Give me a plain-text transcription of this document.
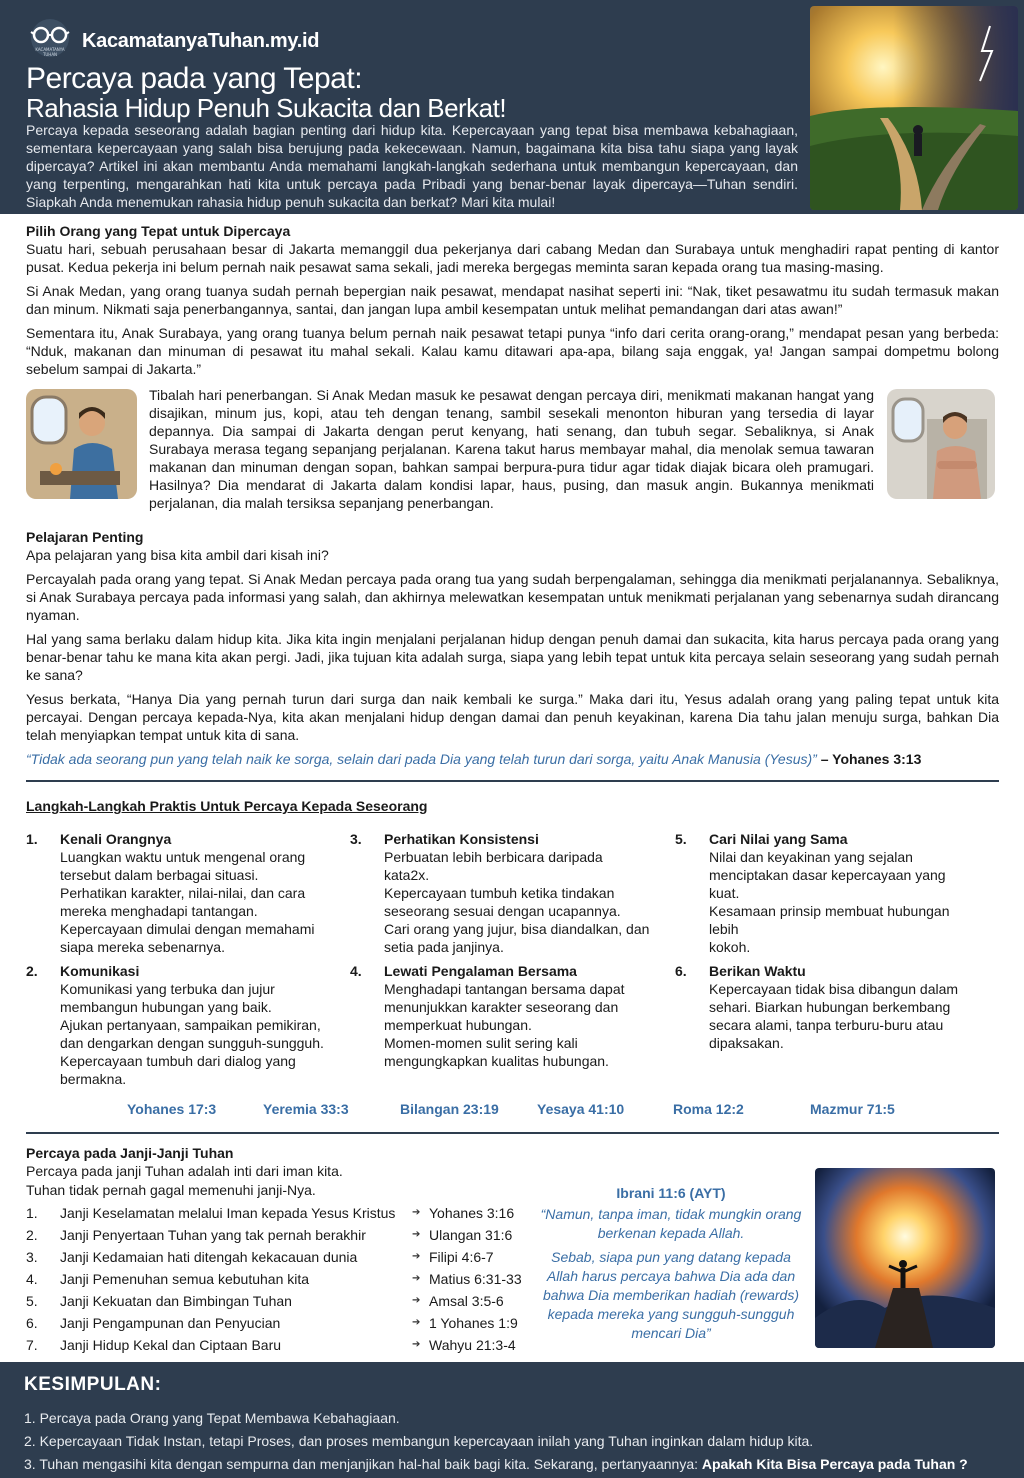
KACAMATANYA
TUHAN
KacamatanyaTuhan.my.id
Percaya pada yang Tepat:
Rahasia Hidup Penuh Sukacita dan Berkat!
Percaya kepada seseorang adalah bagian penting dari hidup kita. Kepercayaan yang tepat bisa membawa kebahagiaan, sementara kepercayaan yang salah bisa berujung pada kekecewaan. Namun, bagaimana kita bisa tahu siapa yang layak dipercaya? Artikel ini akan membantu Anda memahami langkah-langkah sederhana untuk membangun kepercayaan, dan yang terpenting, mengarahkan hati kita untuk percaya pada Pribadi yang benar-benar layak dipercaya—Tuhan sendiri. Siapkah Anda menemukan rahasia hidup penuh sukacita dan berkat? Mari kita mulai!
Pilih Orang yang Tepat untuk Dipercaya

Suatu hari, sebuah perusahaan besar di Jakarta memanggil dua pekerjanya dari cabang Medan dan Surabaya untuk menghadiri rapat penting di kantor pusat. Kedua pekerja ini belum pernah naik pesawat sama sekali, jadi mereka bergegas meminta saran kepada orang tua masing-masing.

Si Anak Medan, yang orang tuanya sudah pernah bepergian naik pesawat, mendapat nasihat seperti ini: “Nak, tiket pesawatmu itu sudah termasuk makan dan minum. Nikmati saja penerbangannya, santai, dan jangan lupa ambil kesempatan untuk melihat pemandangan dari atas awan!”

Sementara itu, Anak Surabaya, yang orang tuanya belum pernah naik pesawat tetapi punya “info dari cerita orang-orang,” mendapat pesan yang berbeda: “Nduk, makanan dan minuman di pesawat itu mahal sekali. Kalau kamu ditawari apa-apa, bilang saja enggak, ya! Jangan sampai dompetmu bolong sebelum sampai di Jakarta.”

Tibalah hari penerbangan. Si Anak Medan masuk ke pesawat dengan percaya diri, menikmati makanan hangat yang disajikan, minum jus, kopi, atau teh dengan tenang, sambil sesekali menonton hiburan yang tersedia di layar depannya. Dia sampai di Jakarta dengan perut kenyang, hati senang, dan tubuh segar. Sebaliknya, si Anak Surabaya merasa tegang sepanjang perjalanan. Karena takut harus membayar mahal, dia menolak semua tawaran makanan dan minuman dengan sopan, bahkan sampai berpura-pura tidur agar tidak diajak bicara oleh pramugari. Hasilnya? Dia mendarat di Jakarta dalam kondisi lapar, haus, pusing, dan masuk angin. Bukannya menikmati perjalanan, dia malah tersiksa sepanjang penerbangan.
Pelajaran Penting

Apa pelajaran yang bisa kita ambil dari kisah ini?

Percayalah pada orang yang tepat. Si Anak Medan percaya pada orang tua yang sudah berpengalaman, sehingga dia menikmati perjalanannya. Sebaliknya, si Anak Surabaya percaya pada informasi yang salah, dan akhirnya melewatkan kesempatan untuk menikmati perjalanan yang sebenarnya sudah dirancang nyaman.

Hal yang sama berlaku dalam hidup kita. Jika kita ingin menjalani perjalanan hidup dengan penuh damai dan sukacita, kita harus percaya pada orang yang benar-benar tahu ke mana kita akan pergi. Jadi, jika tujuan kita adalah surga, siapa yang lebih tepat untuk kita percaya selain seseorang yang sudah pernah ke sana?

Yesus berkata, “Hanya Dia yang pernah turun dari surga dan naik kembali ke surga.” Maka dari itu, Yesus adalah orang yang paling tepat untuk kita percayai. Dengan percaya kepada-Nya, kita akan menjalani hidup dengan damai dan penuh keyakinan, karena Dia tahu jalan menuju surga, bahkan Dia telah menyiapkan tempat untuk kita di sana.

“Tidak ada seorang pun yang telah naik ke sorga, selain dari pada Dia yang telah turun dari sorga, yaitu Anak Manusia (Yesus)” – Yohanes 3:13

Langkah-Langkah Praktis Untuk Percaya Kepada Seseorang
1. Kenali Orangnya
Luangkan waktu untuk mengenal orang
tersebut dalam berbagai situasi.
Perhatikan karakter, nilai-nilai, dan cara
mereka menghadapi tantangan.
Kepercayaan dimulai dengan memahami
siapa mereka sebenarnya.
2. Komunikasi
Komunikasi yang terbuka dan jujur
membangun hubungan yang baik.
Ajukan pertanyaan, sampaikan pemikiran,
dan dengarkan dengan sungguh-sungguh.
Kepercayaan tumbuh dari dialog yang
bermakna.
3. Perhatikan Konsistensi
Perbuatan lebih berbicara daripada kata2x.
Kepercayaan tumbuh ketika tindakan
seseorang sesuai dengan ucapannya.
Cari orang yang jujur, bisa diandalkan, dan
setia pada janjinya.
4. Lewati Pengalaman Bersama
Menghadapi tantangan bersama dapat
menunjukkan karakter seseorang dan
memperkuat hubungan.
Momen-momen sulit sering kali
mengungkapkan kualitas hubungan.
5. Cari Nilai yang Sama
Nilai dan keyakinan yang sejalan
menciptakan dasar kepercayaan yang kuat.
Kesamaan prinsip membuat hubungan lebih
kokoh.
6. Berikan Waktu
Kepercayaan tidak bisa dibangun dalam
sehari. Biarkan hubungan berkembang
secara alami, tanpa terburu-buru atau
dipaksakan.
Yohanes 17:3	Yeremia 33:3	Bilangan 23:19	Yesaya 41:10	Roma 12:2	Mazmur 71:5
Percaya pada Janji-Janji Tuhan
Percaya pada janji Tuhan adalah inti dari iman kita.
Tuhan tidak pernah gagal memenuhi janji-Nya.
1. Janji Keselamatan melalui Iman kepada Yesus Kristus ➔ Yohanes 3:16
2. Janji Penyertaan Tuhan yang tak pernah berakhir	➔ Ulangan 31:6
3. Janji Kedamaian hati ditengah kekacauan dunia	➔ Filipi 4:6-7
4. Janji Pemenuhan semua kebutuhan kita	➔ Matius 6:31-33
5. Janji Kekuatan dan Bimbingan Tuhan	➔ Amsal 3:5-6
6. Janji Pengampunan dan Penyucian	➔ 1 Yohanes 1:9
7. Janji Hidup Kekal dan Ciptaan Baru	➔ Wahyu 21:3-4
Ibrani 11:6 (AYT)
“Namun, tanpa iman, tidak mungkin orang berkenan kepada Allah.
Sebab, siapa pun yang datang kepada Allah harus percaya bahwa Dia ada dan bahwa Dia memberikan hadiah (rewards) kepada mereka yang sungguh-sungguh mencari Dia”
KESIMPULAN:
1. Percaya pada Orang yang Tepat Membawa Kebahagiaan.
2. Kepercayaan Tidak Instan, tetapi Proses, dan proses membangun kepercayaan inilah yang Tuhan inginkan dalam hidup kita.
3. Tuhan mengasihi kita dengan sempurna dan menjanjikan hal-hal baik bagi kita. Sekarang, pertanyaannya: Apakah Kita Bisa Percaya pada Tuhan ?
